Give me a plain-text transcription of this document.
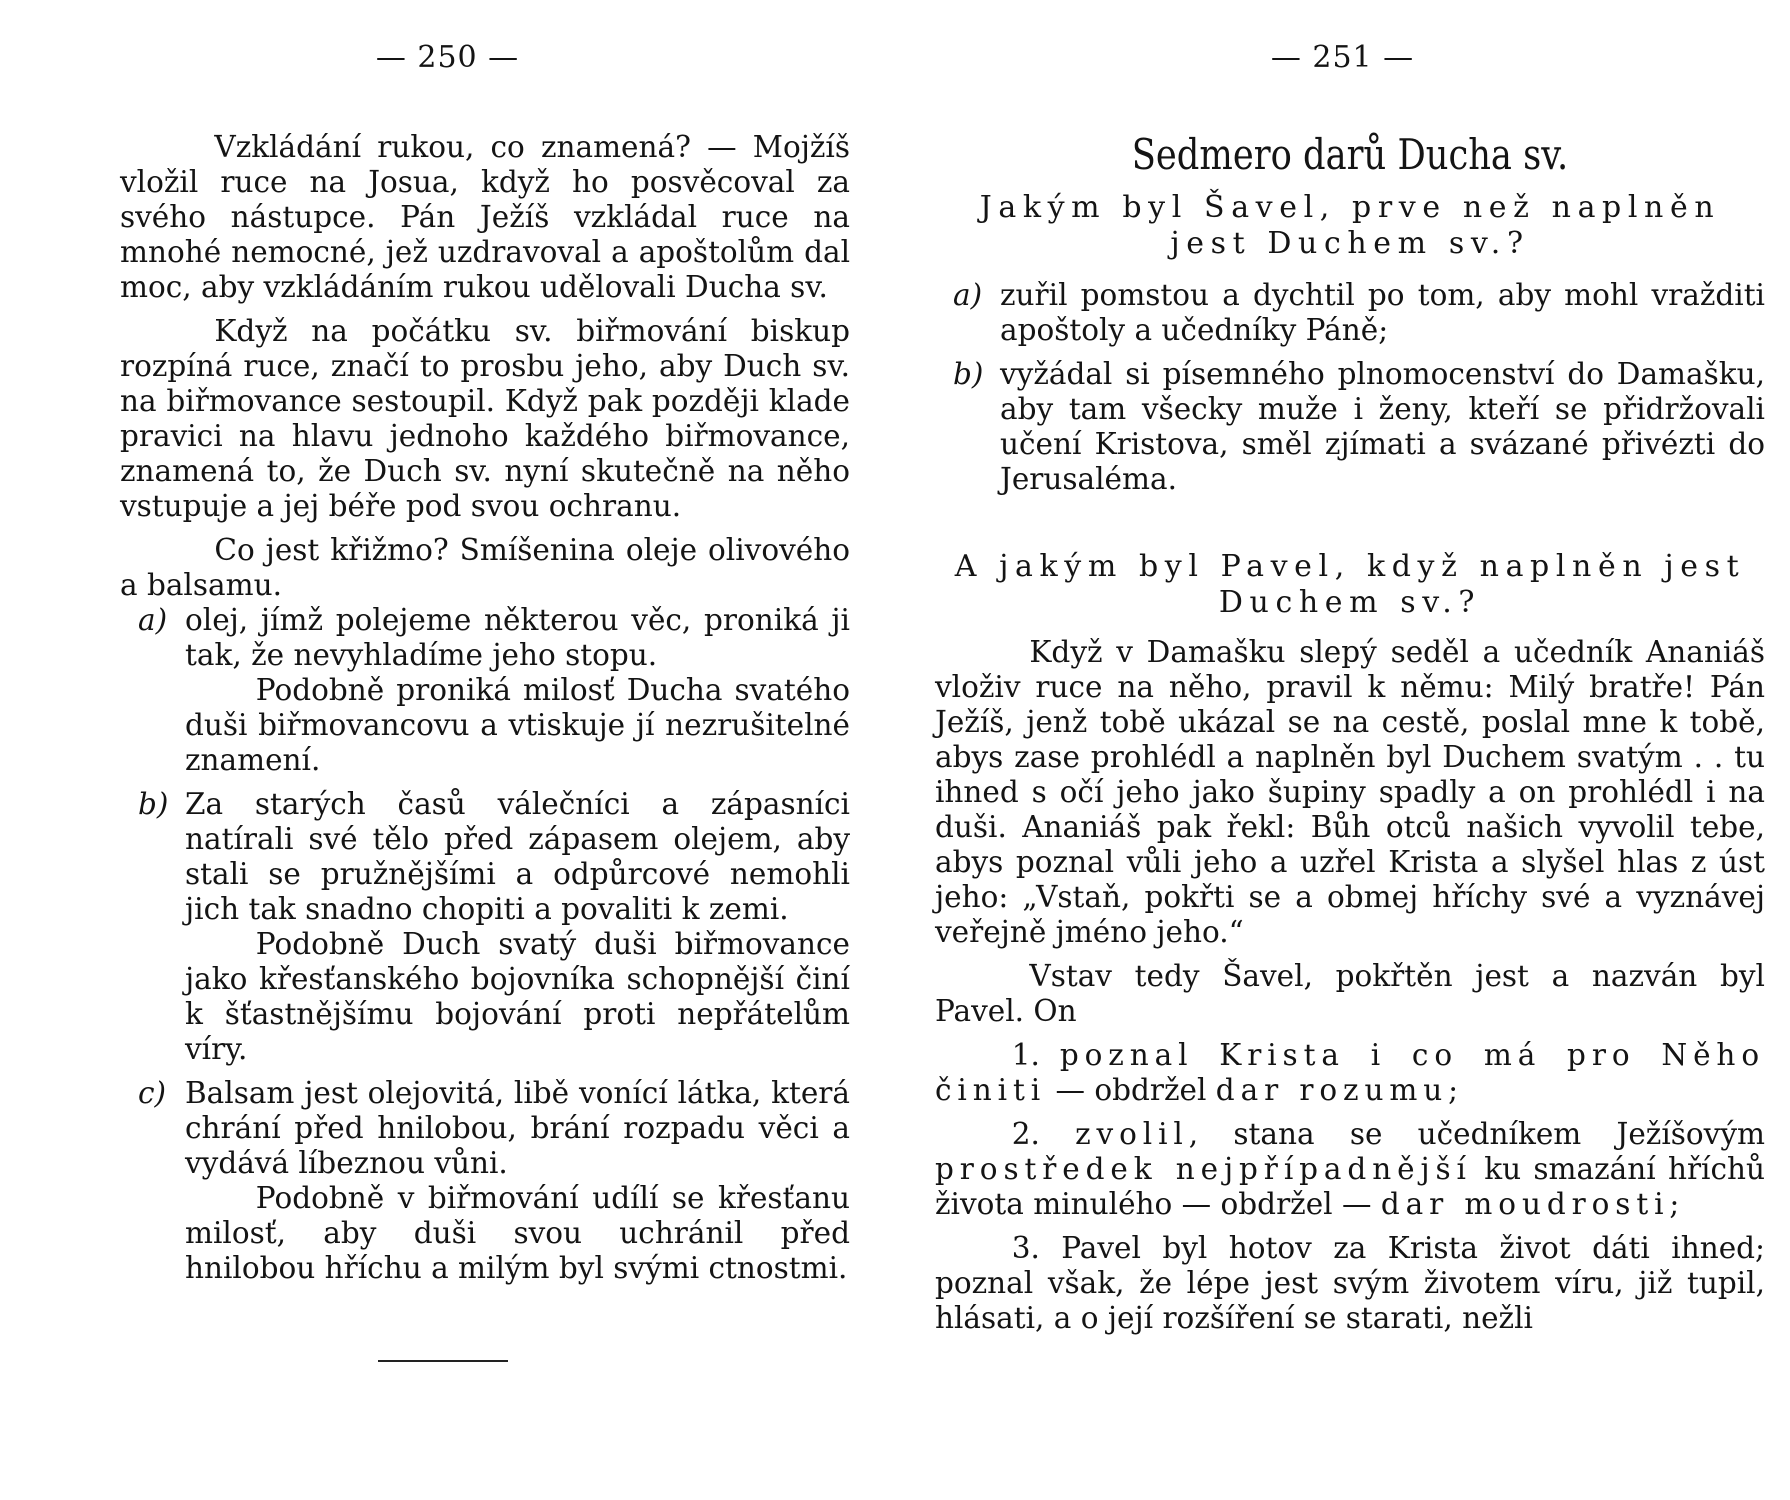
— 250 —

Vzkládání rukou, co znamená? — Mojžíš vložil ruce na Josua, když ho posvěcoval za svého nástupce. Pán Ježíš vzkládal ruce na mnohé nemocné, jež uzdravoval a apoštolům dal moc, aby vzkládáním rukou udělovali Ducha sv.

Když na počátku sv. biřmování biskup rozpíná ruce, značí to prosbu jeho, aby Duch sv. na biřmovance sestoupil. Když pak později klade pravici na hlavu jednoho každého biřmovance, znamená to, že Duch sv. nyní skutečně na něho vstupuje a jej béře pod svou ochranu.

Co jest křižmo? Smíšenina oleje olivového a balsamu.

a) olej, jímž polejeme některou věc, proniká ji tak, že nevyhladíme jeho stopu.

Podobně proniká milosť Ducha svatého duši biřmovancovu a vtiskuje jí nezrušitelné znamení.

b) Za starých časů válečníci a zápasníci natírali své tělo před zápasem olejem, aby stali se pružnějšími a odpůrcové nemohli jich tak snadno chopiti a povaliti k zemi.

Podobně Duch svatý duši biřmovance jako křesťanského bojovníka schopnější činí k šťastnějšímu bojování proti nepřátelům víry.

c) Balsam jest olejovitá, libě vonící látka, která chrání před hnilobou, brání rozpadu věci a vydává líbeznou vůni.

Podobně v biřmování udílí se křesťanu milosť, aby duši svou uchránil před hnilobou hříchu a milým byl svými ctnostmi.

— 251 —

Sedmero darů Ducha sv.

Jakým byl Šavel, prve než naplněn jest Duchem sv.?

a) zuřil pomstou a dychtil po tom, aby mohl vražditi apoštoly a učedníky Páně;

b) vyžádal si písemného plnomocenství do Damašku, aby tam všecky muže i ženy, kteří se přidržovali učení Kristova, směl zjímati a svázané přivézti do Jerusaléma.

A jakým byl Pavel, když naplněn jest Duchem sv.?

Když v Damašku slepý seděl a učedník Ananiáš vloživ ruce na něho, pravil k němu: Milý bratře! Pán Ježíš, jenž tobě ukázal se na cestě, poslal mne k tobě, abys zase prohlédl a naplněn byl Duchem svatým . . tu ihned s očí jeho jako šupiny spadly a on prohlédl i na duši. Ananiáš pak řekl: Bůh otců našich vyvolil tebe, abys poznal vůli jeho a uzřel Krista a slyšel hlas z úst jeho: „Vstaň, pokřti se a obmej hříchy své a vyznávej veřejně jméno jeho.“

Vstav tedy Šavel, pokřtěn jest a nazván byl Pavel. On

1. poznal Krista i co má pro Něho činiti — obdržel dar rozumu;

2. zvolil, stana se učedníkem Ježíšovým prostředek nejpřípadnější ku smazání hříchů života minulého — obdržel — dar moudrosti;

3. Pavel byl hotov za Krista život dáti ihned; poznal však, že lépe jest svým životem víru, již tupil, hlásati, a o její rozšíření se starati, nežli
